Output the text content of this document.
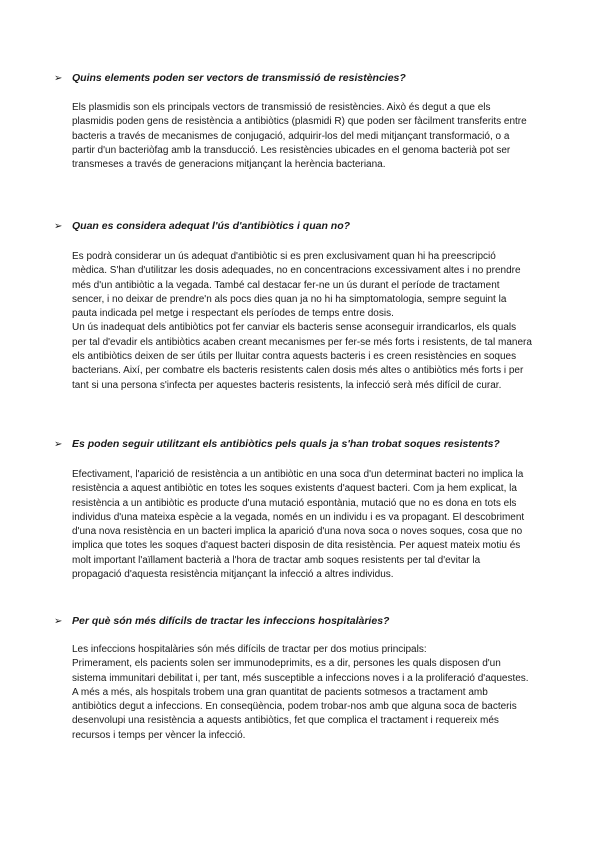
➢ Quins elements poden ser vectors de transmissió de resistències?

Els plasmidis son els principals vectors de transmissió de resistències. Això és degut a que els plasmidis poden gens de resistència a antibiòtics (plasmidi R) que poden ser fàcilment transferits entre bacteris a través de mecanismes de conjugació, adquirir-los del medi mitjançant transformació, o a partir d'un bacteriòfag amb la transducció. Les resistències ubicades en el genoma bacterià pot ser transmeses a través de generacions mitjançant la herència bacteriana.

➢ Quan es considera adequat l'ús d'antibiòtics i quan no?

Es podrà considerar un ús adequat d'antibiòtic si es pren exclusivament quan hi ha preescripció mèdica. S'han d'utilitzar les dosis adequades, no en concentracions excessivament altes i no prendre més d'un antibiòtic a la vegada. També cal destacar fer-ne un ús durant el període de tractament sencer, i no deixar de prendre'n als pocs dies quan ja no hi ha simptomatologia, sempre seguint la pauta indicada pel metge i respectant els períodes de temps entre dosis.

Un ús inadequat dels antibiòtics pot fer canviar els bacteris sense aconseguir irrandicarlos, els quals per tal d'evadir els antibiòtics acaben creant mecanismes per fer-se més forts i resistents, de tal manera els antibiòtics deixen de ser útils per lluitar contra aquests bacteris i es creen resistències en soques bacterians. Així, per combatre els bacteris resistents calen dosis més altes o antibiòtics més forts i per tant si una persona s'infecta per aquestes bacteris resistents, la infecció serà més difícil de curar.

➢ Es poden seguir utilitzant els antibiòtics pels quals ja s'han trobat soques resistents?

Efectivament, l'aparició de resistència a un antibiòtic en una soca d'un determinat bacteri no implica la resistència a aquest antibiòtic en totes les soques existents d'aquest bacteri. Com ja hem explicat, la resistència a un antibiòtic es producte d'una mutació espontània, mutació que no es dona en tots els individus d'una mateixa espècie a la vegada, només en un individu i es va propagant. El descobriment d'una nova resistència en un bacteri implica la aparició d'una nova soca o noves soques, cosa que no implica que totes les soques d'aquest bacteri disposin de dita resistència. Per aquest mateix motiu és molt important l'aïllament bacterià a l'hora de tractar amb soques resistents per tal d'evitar la propagació d'aquesta resistència mitjançant la infecció a altres individus.

➢ Per què són més difícils de tractar les infeccions hospitalàries?

Les infeccions hospitalàries són més difícils de tractar per dos motius principals:

Primerament, els pacients solen ser immunodeprimits, es a dir, persones les quals disposen d'un sistema immunitari debilitat i, per tant, més susceptible a infeccions noves i a la proliferació d'aquestes.

A més a més, als hospitals trobem una gran quantitat de pacients sotmesos a tractament amb antibiòtics degut a infeccions. En conseqüència, podem trobar-nos amb que alguna soca de bacteris desenvolupi una resistència a aquests antibiòtics, fet que complica el tractament i requereix més recursos i temps per vèncer la infecció.
